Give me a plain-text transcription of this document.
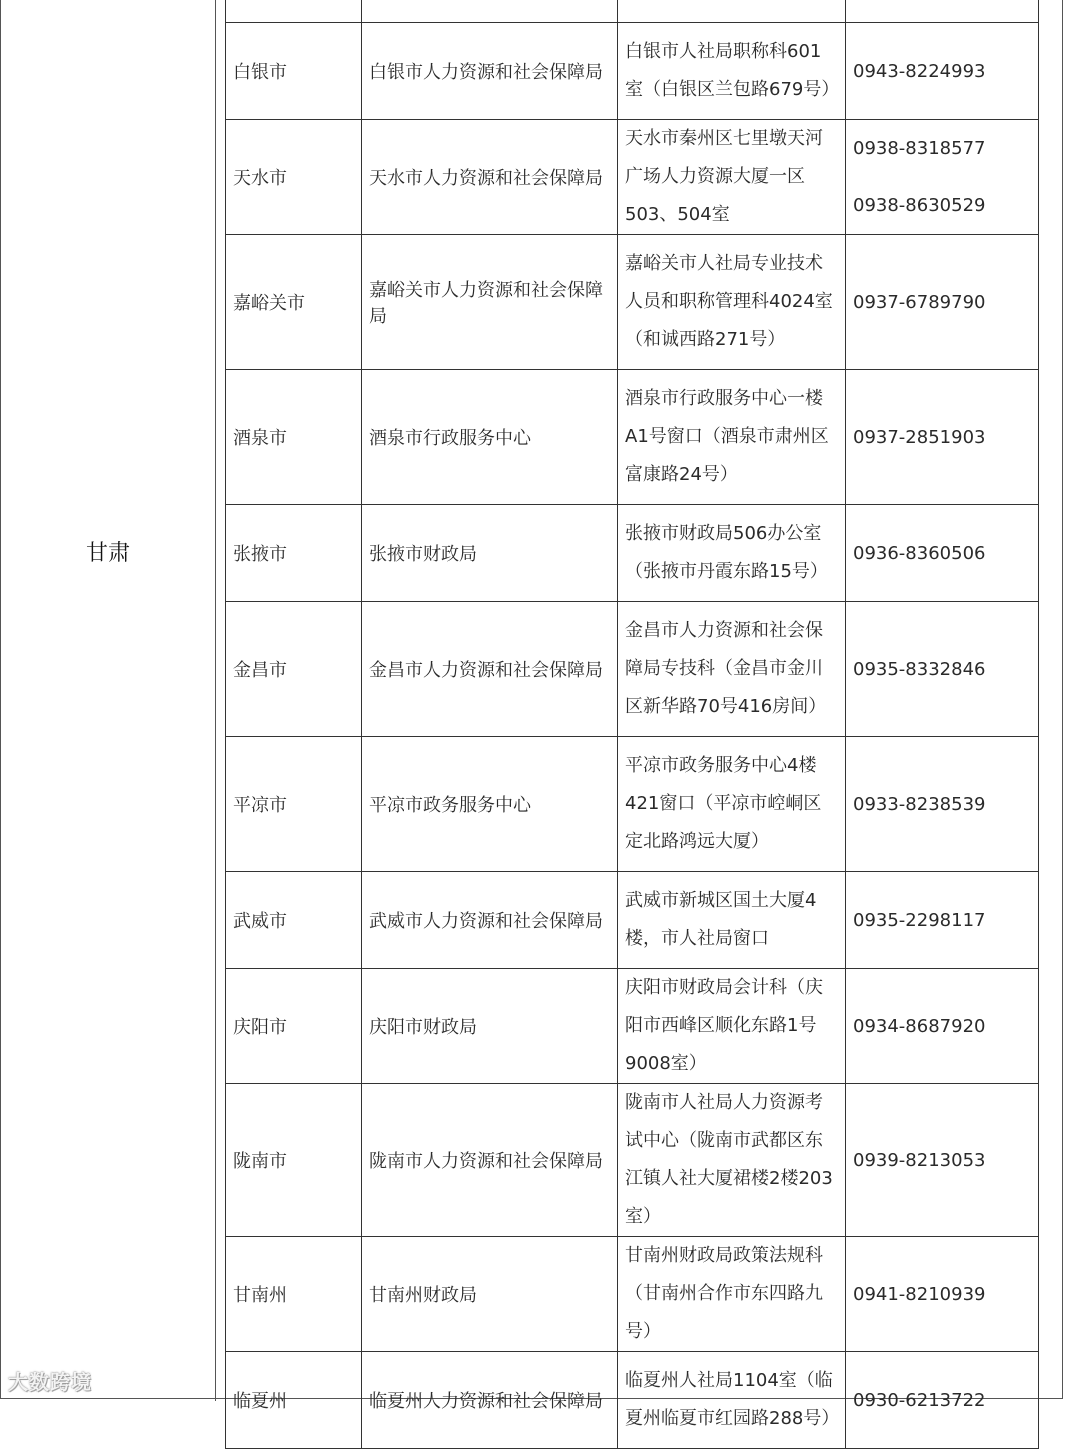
甘肃

白银市	白银市人力资源和社会保障局	白银市人社局职称科601室（白银区兰包路679号）	0943-8224993

天水市	天水市人力资源和社会保障局	天水市秦州区七里墩天河广场人力资源大厦一区503、504室	0938-8318577
0938-8630529

嘉峪关市	嘉峪关市人力资源和社会保障局	嘉峪关市人社局专业技术人员和职称管理科4024室（和诚西路271号）	0937-6789790

酒泉市	酒泉市行政服务中心	酒泉市行政服务中心一楼A1号窗口（酒泉市肃州区富康路24号）	0937-2851903

张掖市	张掖市财政局	张掖市财政局506办公室（张掖市丹霞东路15号）	0936-8360506

金昌市	金昌市人力资源和社会保障局	金昌市人力资源和社会保障局专技科（金昌市金川区新华路70号416房间）	0935-8332846

平凉市	平凉市政务服务中心	平凉市政务服务中心4楼421窗口（平凉市崆峒区定北路鸿远大厦）	0933-8238539

武威市	武威市人力资源和社会保障局	武威市新城区国土大厦4楼，市人社局窗口	0935-2298117

庆阳市	庆阳市财政局	庆阳市财政局会计科（庆阳市西峰区顺化东路1号9008室）	0934-8687920

陇南市	陇南市人力资源和社会保障局	陇南市人社局人力资源考试中心（陇南市武都区东江镇人社大厦裙楼2楼203室）	0939-8213053

甘南州	甘南州财政局	甘南州财政局政策法规科（甘南州合作市东四路九号）	0941-8210939

临夏州	临夏州人力资源和社会保障局	临夏州人社局1104室（临夏州临夏市红园路288号）	0930-6213722
大数跨境
